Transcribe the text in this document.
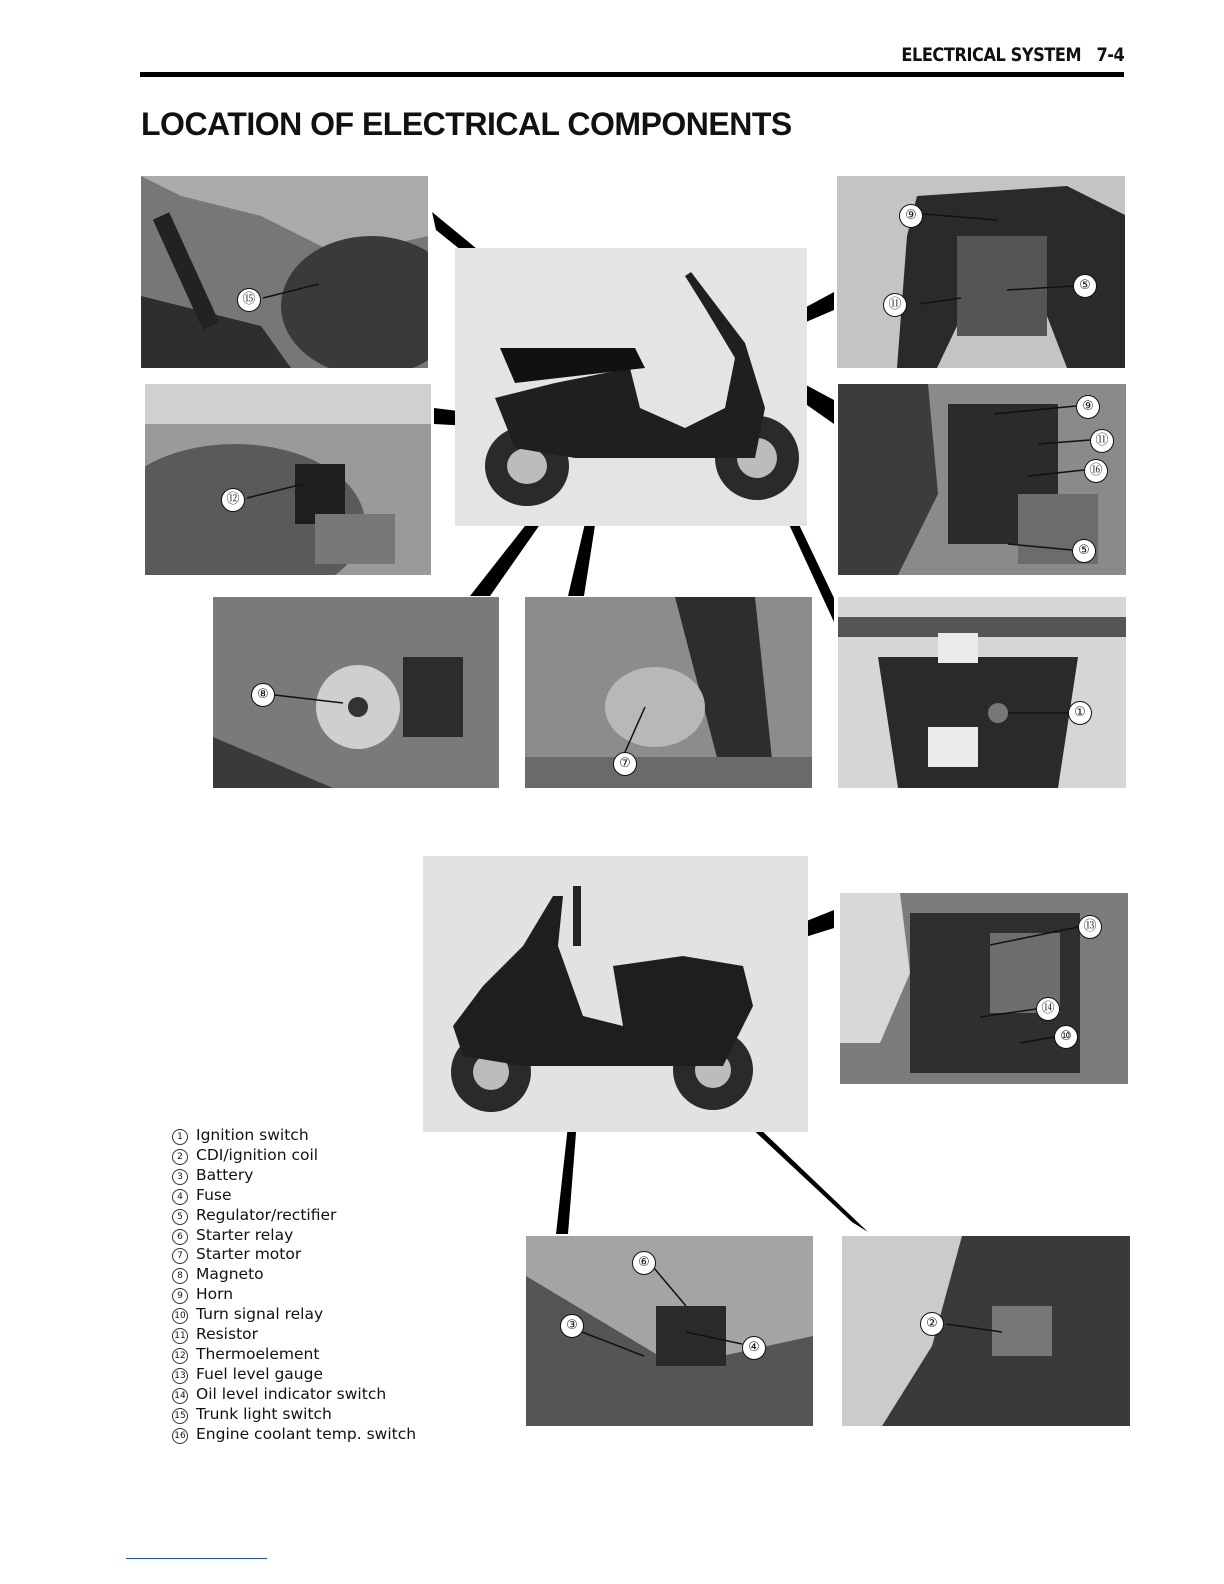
ELECTRICAL SYSTEM 7-4
LOCATION OF ELECTRICAL COMPONENTS
⑮
⑫
⑨
⑪
⑤
⑨
⑪
⑯
⑤
⑧
⑦
①
⑬
⑭
⑩
⑥
③
④
②
1 Ignition switch
2 CDI/ignition coil
3 Battery
4 Fuse
5 Regulator/rectifier
6 Starter relay
7 Starter motor
8 Magneto
9 Horn
10 Turn signal relay
11 Resistor
12 Thermoelement
13 Fuel level gauge
14 Oil level indicator switch
15 Trunk light switch
16 Engine coolant temp. switch
